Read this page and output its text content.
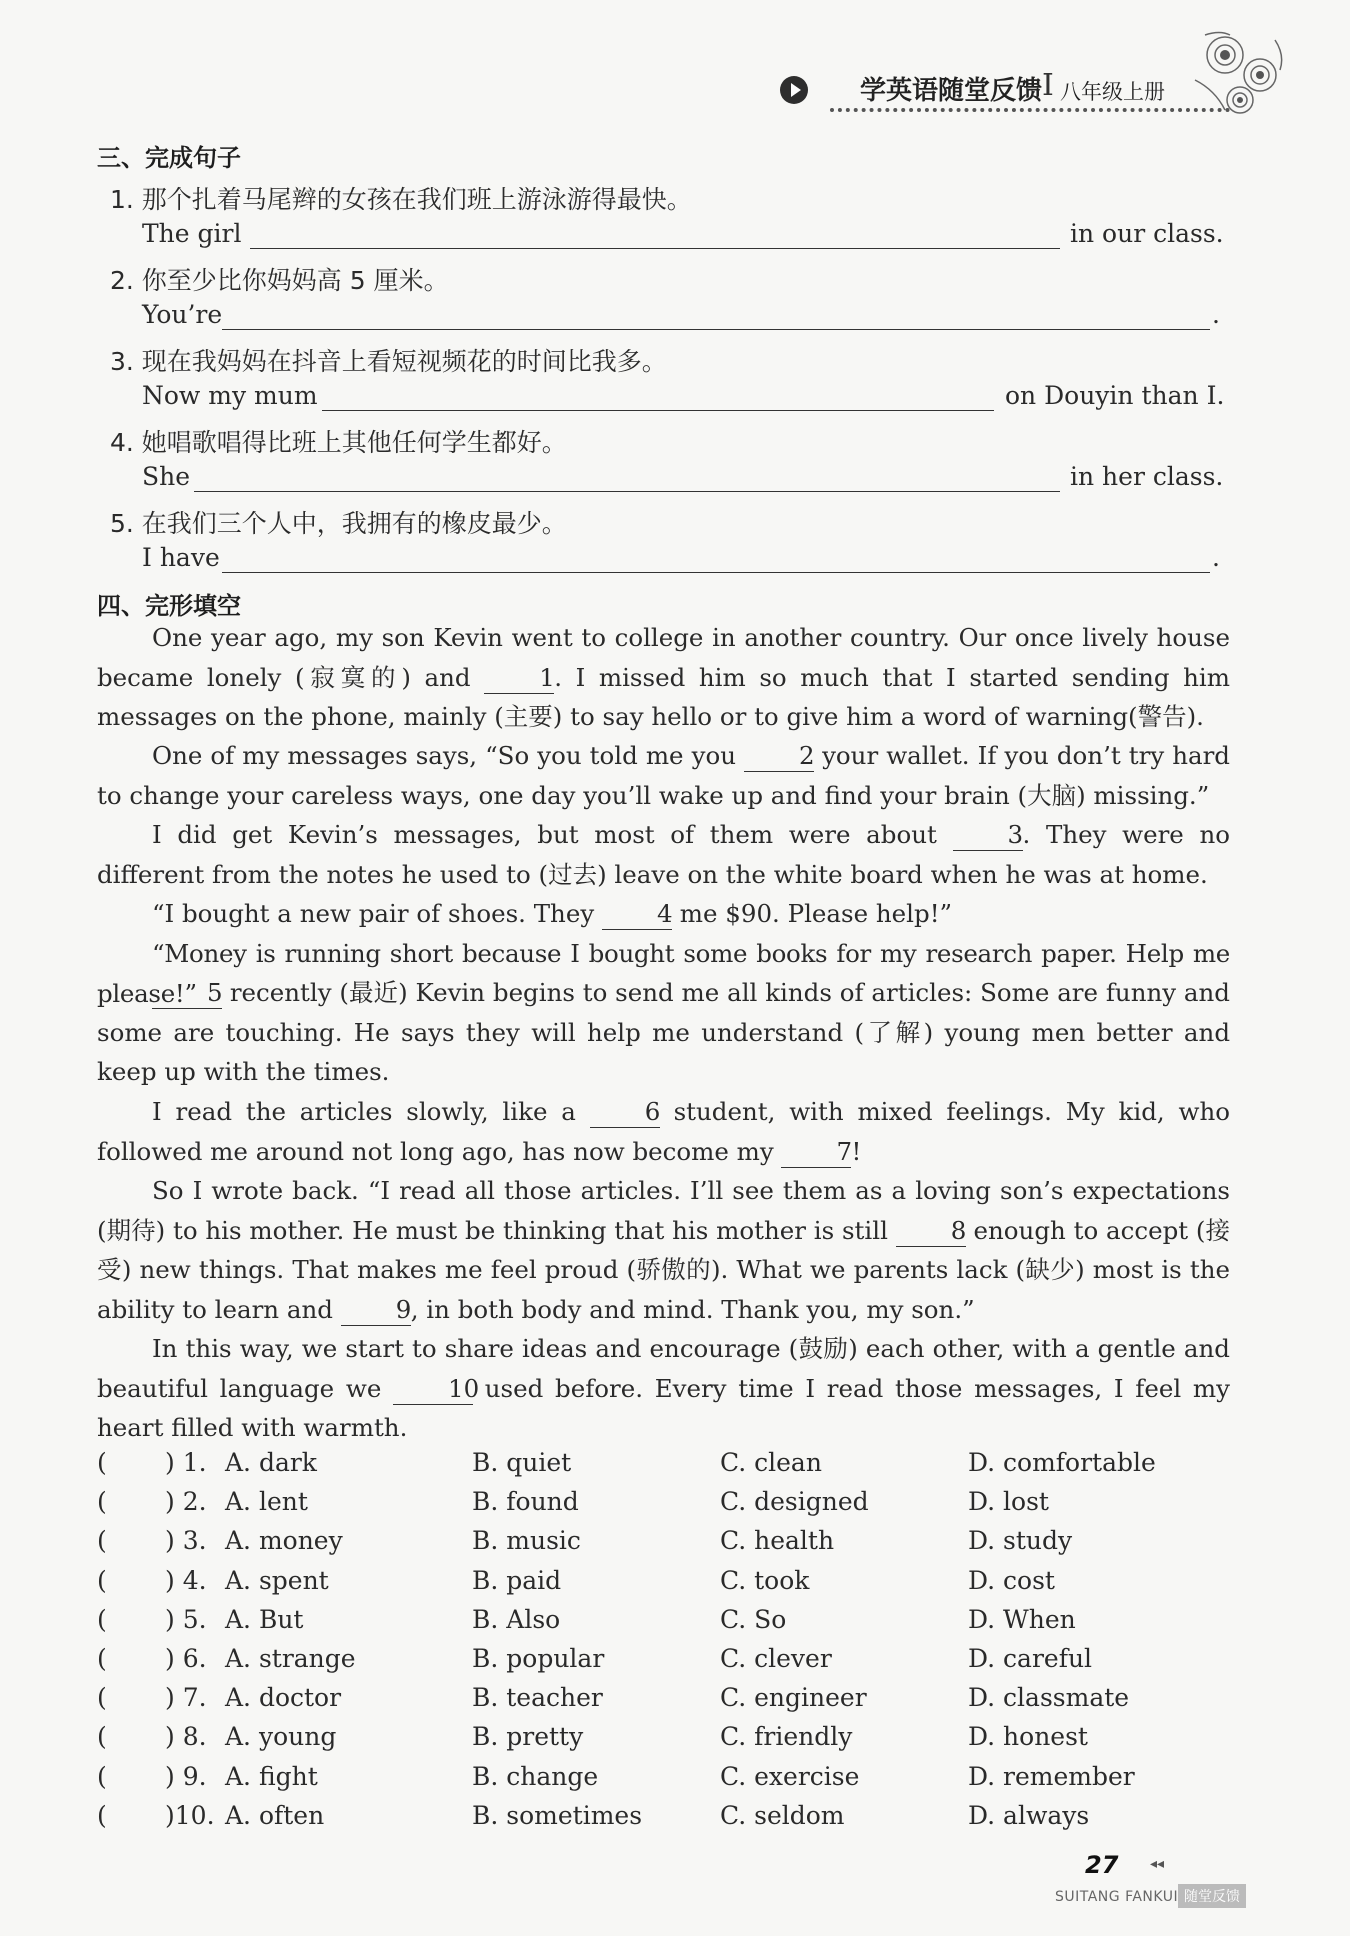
学英语随堂反馈 I 八年级上册
三、完成句子
1. 那个扎着马尾辫的女孩在我们班上游泳游得最快。
The girl	in our class.
2. 你至少比你妈妈高 5 厘米。
You’re	.
3. 现在我妈妈在抖音上看短视频花的时间比我多。
Now my mum	on Douyin than I.
4. 她唱歌唱得比班上其他任何学生都好。
She	in her class.
5. 在我们三个人中，我拥有的橡皮最少。
I have	.
四、完形填空
One year ago, my son Kevin went to college in another country. Our once lively house became lonely (寂寞的) and 1. I missed him so much that I started sending him messages on the phone, mainly (主要) to say hello or to give him a word of warning(警告).
One of my messages says, “So you told me you 2 your wallet. If you don’t try hard to change your careless ways, one day you’ll wake up and find your brain (大脑) missing.”
I did get Kevin’s messages, but most of them were about 3. They were no different from the notes he used to (过去) leave on the white board when he was at home.
“I bought a new pair of shoes. They 4 me $90. Please help!”
“Money is running short because I bought some books for my research paper. Help me please!” 5 recently (最近) Kevin begins to send me all kinds of articles: Some are funny and some are touching. He says they will help me understand (了解) young men better and keep up with the times.
I read the articles slowly, like a 6 student, with mixed feelings. My kid, who followed me around not long ago, has now become my 7!
So I wrote back. “I read all those articles. I’ll see them as a loving son’s expectations (期待) to his mother. He must be thinking that his mother is still 8 enough to accept (接受) new things. That makes me feel proud (骄傲的). What we parents lack (缺少) most is the ability to learn and 9, in both body and mind. Thank you, my son.”
In this way, we start to share ideas and encourage (鼓励) each other, with a gentle and beautiful language we 10 used before. Every time I read those messages, I feel my heart filled with warmth.
( ) 1. A. dark	B. quiet	C. clean	D. comfortable
( ) 2. A. lent	B. found	C. designed	D. lost
( ) 3. A. money	B. music	C. health	D. study
( ) 4. A. spent	B. paid	C. took	D. cost
( ) 5. A. But	B. Also	C. So	D. When
( ) 6. A. strange	B. popular	C. clever	D. careful
( ) 7. A. doctor	B. teacher	C. engineer	D. classmate
( ) 8. A. young	B. pretty	C. friendly	D. honest
( ) 9. A. fight	B. change	C. exercise	D. remember
( )10. A. often	B. sometimes	C. seldom	D. always
27 ◂◂
SUITANG FANKUI 随堂反馈
